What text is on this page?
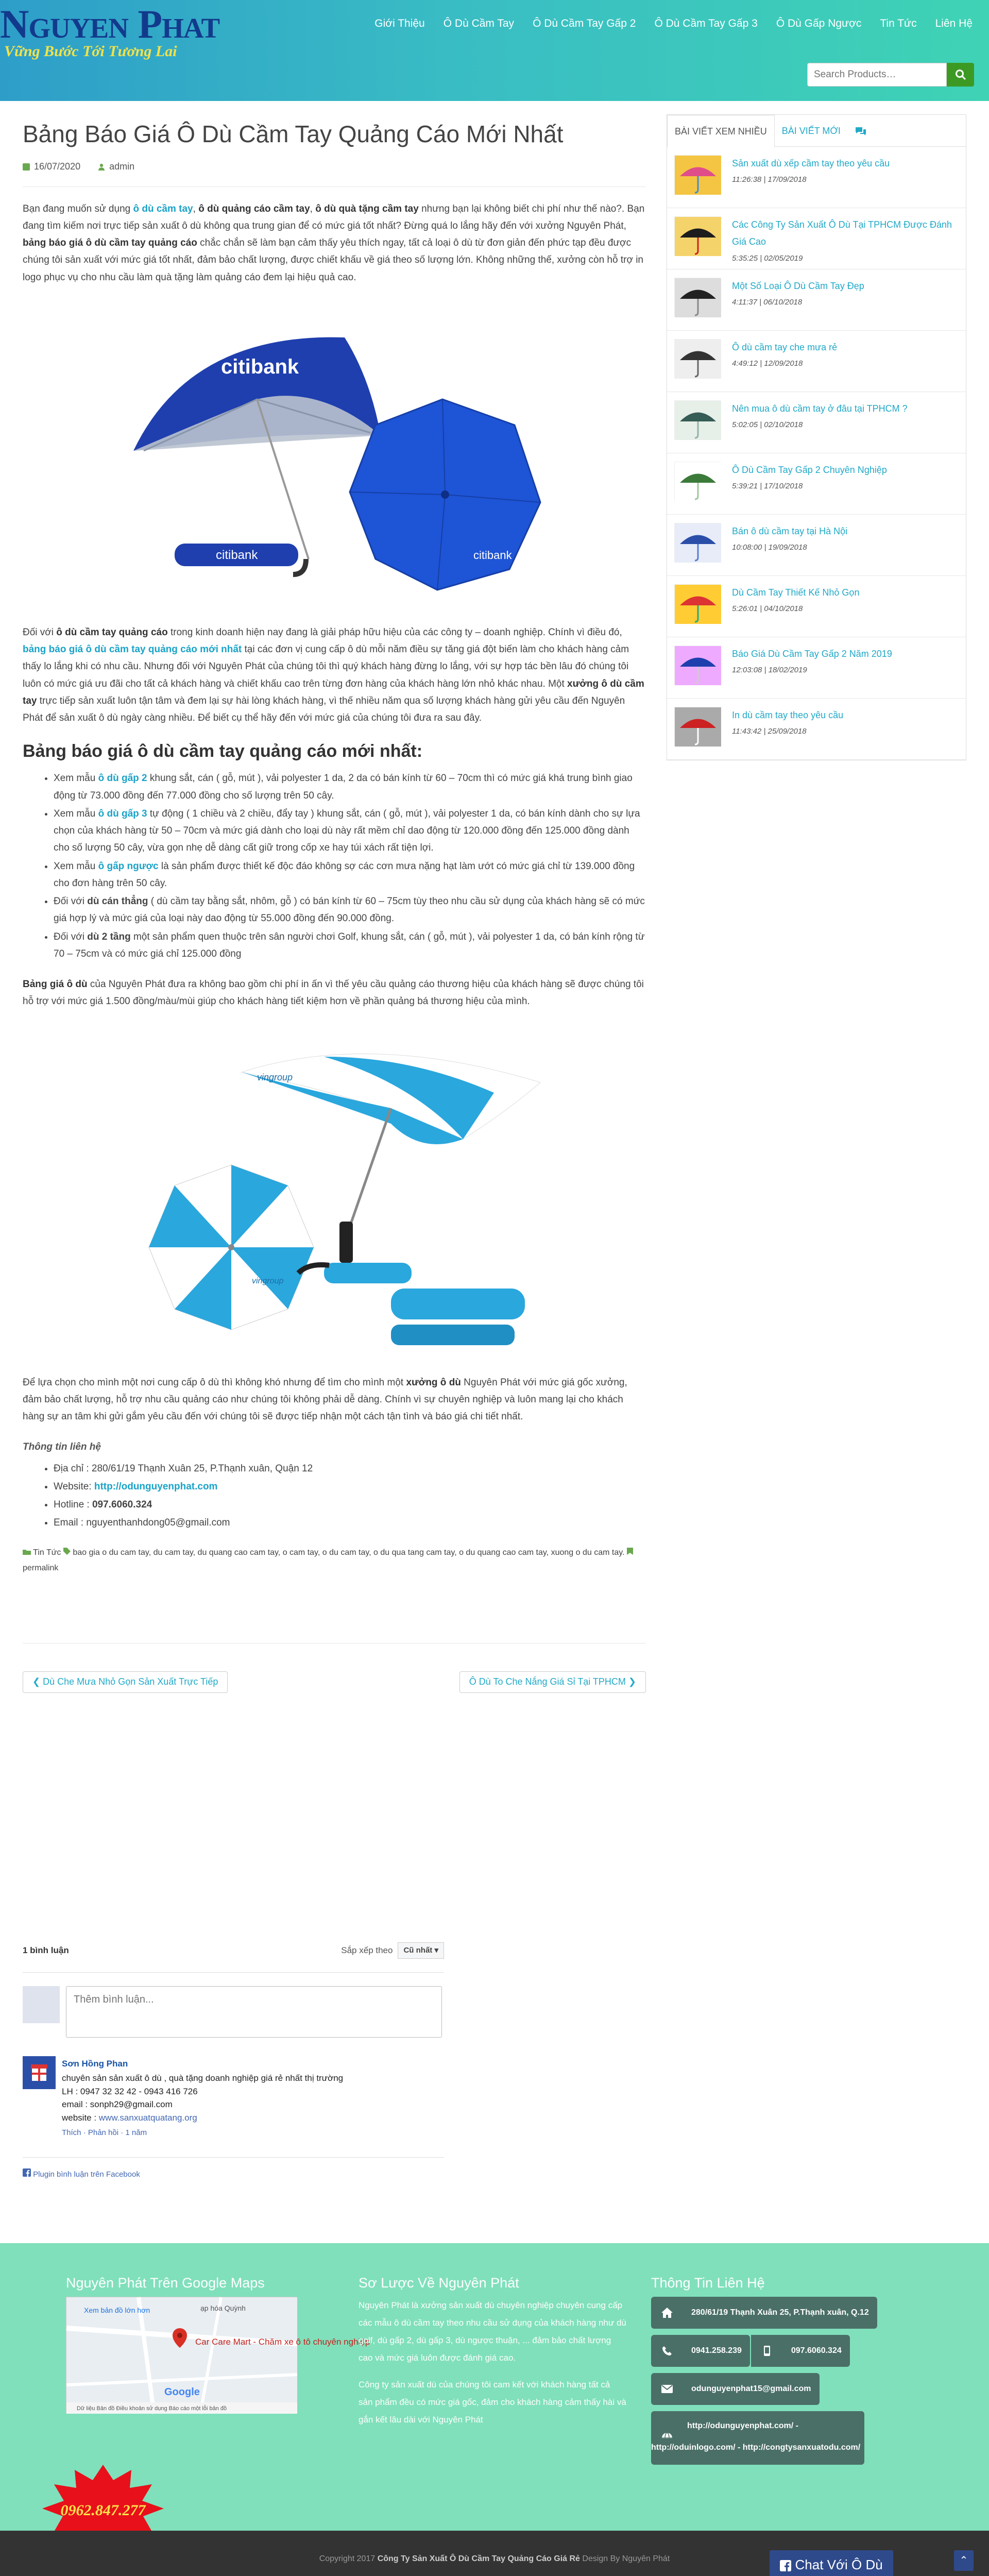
Nguyen Phat
Vững Bước Tới Tương Lai
Giới Thiệu	Ô Dù Cầm Tay	Ô Dù Cầm Tay Gấp 2	Ô Dù Cầm Tay Gấp 3	Ô Dù Gấp Ngược	Tin Tức	Liên Hệ
Search Products…
Bảng Báo Giá Ô Dù Cầm Tay Quảng Cáo Mới Nhất
16/07/2020	admin

Bạn đang muốn sử dụng ô dù cầm tay, ô dù quảng cáo cầm tay, ô dù quà tặng cầm tay nhưng bạn lại không biết chi phí như thế nào?. Bạn đang tìm kiếm nơi trực tiếp sản xuất ô dù không qua trung gian để có mức giá tốt nhất? Đừng quá lo lắng hãy đến với xưởng Nguyên Phát, bảng báo giá ô dù cầm tay quảng cáo chắc chắn sẽ làm bạn cảm thấy yêu thích ngay, tất cả loại ô dù từ đơn giản đến phức tạp đều được chúng tôi sản xuất với mức giá tốt nhất, đảm bảo chất lượng, được chiết khấu về giá theo số lượng lớn. Không những thế, xưởng còn hỗ trợ in logo phục vụ cho nhu cầu làm quà tặng làm quảng cáo đem lại hiệu quả cao.

citibank
citibank	citibank

Đối với ô dù cầm tay quảng cáo trong kinh doanh hiện nay đang là giải pháp hữu hiệu của các công ty – doanh nghiệp. Chính vì điều đó, bảng báo giá ô dù cầm tay quảng cáo mới nhất tại các đơn vị cung cấp ô dù mỗi năm điều sự tăng giá đột biến làm cho khách hàng cảm thấy lo lắng khi có nhu cầu. Nhưng đối với Nguyên Phát của chúng tôi thì quý khách hàng đừng lo lắng, với sự hợp tác bền lâu đó chúng tôi luôn có mức giá ưu đãi cho tất cả khách hàng và chiết khấu cao trên từng đơn hàng của khách hàng lớn nhỏ khác nhau. Một xưởng ô dù cầm tay trực tiếp sản xuất luôn tận tâm và đem lại sự hài lòng khách hàng, vì thế nhiều năm qua số lượng khách hàng gửi yêu cầu đến Nguyên Phát để sản xuất ô dù ngày càng nhiều. Để biết cụ thể hãy đến với mức giá của chúng tôi đưa ra sau đây.

Bảng báo giá ô dù cầm tay quảng cáo mới nhất:
• Xem mẫu ô dù gấp 2 khung sắt, cán ( gỗ, mút ), vải polyester 1 da, 2 da có bán kính từ 60 – 70cm thì có mức giá khá trung bình giao động từ 73.000 đồng đến 77.000 đồng cho số lượng trên 50 cây.
• Xem mẫu ô dù gấp 3 tự động ( 1 chiều và 2 chiều, đẩy tay ) khung sắt, cán ( gỗ, mút ), vải polyester 1 da, có bán kính dành cho sự lựa chọn của khách hàng từ 50 – 70cm và mức giá dành cho loại dù này rất mềm chỉ dao động từ 120.000 đồng đến 125.000 đồng dành cho số lượng 50 cây, vừa gọn nhẹ dễ dàng cất giữ trong cốp xe hay túi xách rất tiện lợi.
• Xem mẫu ô gấp ngược là sản phẩm được thiết kế độc đáo không sợ các cơn mưa nặng hạt làm ướt có mức giá chỉ từ 139.000 đồng cho đơn hàng trên 50 cây.
• Đối với dù cán thẳng ( dù cầm tay bằng sắt, nhôm, gỗ ) có bán kính từ 60 – 75cm tùy theo nhu cầu sử dụng của khách hàng sẽ có mức giá hợp lý và mức giá của loại này dao động từ 55.000 đồng đến 90.000 đồng.
• Đối với dù 2 tầng một sản phẩm quen thuộc trên sân người chơi Golf, khung sắt, cán ( gỗ, mút ), vải polyester 1 da, có bán kính rộng từ 70 – 75cm và có mức giá chỉ 125.000 đồng

Bảng giá ô dù của Nguyên Phát đưa ra không bao gồm chi phí in ấn vì thế yêu cầu quảng cáo thương hiệu của khách hàng sẽ được chúng tôi hỗ trợ với mức giá 1.500 đồng/màu/mùi giúp cho khách hàng tiết kiệm hơn về phần quảng bá thương hiệu của mình.

vingroup
vingroup

Để lựa chọn cho mình một nơi cung cấp ô dù thì không khó nhưng để tìm cho mình một xưởng ô dù Nguyên Phát với mức giá gốc xưởng, đảm bảo chất lượng, hỗ trợ nhu cầu quảng cáo như chúng tôi không phải dễ dàng. Chính vì sự chuyên nghiệp và luôn mang lại cho khách hàng sự an tâm khi gửi gắm yêu cầu đến với chúng tôi sẽ được tiếp nhận một cách tận tình và báo giá chi tiết nhất.

Thông tin liên hệ
• Địa chỉ : 280/61/19 Thạnh Xuân 25, P.Thạnh xuân, Quận 12
• Website: http://odunguyenphat.com
• Hotline : 097.6060.324
• Email : nguyenthanhdong05@gmail.com
Tin Tức bao gia o du cam tay, du cam tay, du quang cao cam tay, o cam tay, o du cam tay, o du qua tang cam tay, o du quang cao cam tay, xuong o du cam tay.  permalink
❮ Dù Che Mưa Nhỏ Gọn Sản Xuất Trực Tiếp	Ô Dù To Che Nắng Giá Sỉ Tại TPHCM ❯
1 bình luận	Sắp xếp theo	Cũ nhất ▾
Thêm bình luận...
Sơn Hồng Phan
chuyên sản sản xuất ô dù , quà tặng doanh nghiệp giá rẻ nhất thị trường
LH : 0947 32 32 42 - 0943 416 726
email : sonph29@gmail.com
website : www.sanxuatquatang.org
Thích · Phản hồi · 1 năm
Plugin bình luận trên Facebook
BÀI VIẾT XEM NHIỀU	BÀI VIẾT MỚI
Sản xuất dù xếp cầm tay theo yêu cầu
11:26:38 | 17/09/2018
Các Công Ty Sản Xuất Ô Dù Tại TPHCM Được Đánh Giá Cao
5:35:25 | 02/05/2019
Một Số Loại Ô Dù Cầm Tay Đẹp
4:11:37 | 06/10/2018
Ô dù cầm tay che mưa rẻ
4:49:12 | 12/09/2018
Nên mua ô dù cầm tay ở đâu tại TPHCM ?
5:02:05 | 02/10/2018
Ô Dù Cầm Tay Gấp 2 Chuyên Nghiệp
5:39:21 | 17/10/2018
Bán ô dù cầm tay tại Hà Nội
10:08:00 | 19/09/2018
Dù Cầm Tay Thiết Kế Nhỏ Gọn
5:26:01 | 04/10/2018
Báo Giá Dù Cầm Tay Gấp 2 Năm 2019
12:03:08 | 18/02/2019
In dù cầm tay theo yêu cầu
11:43:42 | 25/09/2018
Nguyên Phát Trên Google Maps	Sơ Lược Về Nguyên Phát	Thông Tin Liên Hệ
Car Care Mart - Chăm xe ô tô chuyên nghiệp
Xem bản đồ lớn hơn	ạp hóa Quỳnh
Google
Dữ liệu Bản đồ Điều khoản sử dụng Báo cáo một lỗi bản đồ

Nguyên Phát là xưởng sản xuất dù chuyên nghiệp chuyên cung cấp các mẫu ô dù cầm tay theo nhu cầu sử dụng của khách hàng như dù golf, dù gấp 2, dù gấp 3, dù ngược thuận, ... đảm bảo chất lượng cao và mức giá luôn được đánh giá cao.

Công ty sản xuất dù của chúng tôi cam kết với khách hàng tất cả sản phẩm đều có mức giá gốc, đảm cho khách hàng cảm thấy hài và gắn kết lâu dài với Nguyên Phát

280/61/19 Thạnh Xuân 25, P.Thạnh xuân, Q.12
0941.258.239	097.6060.324
odunguyenphat15@gmail.com
http://odunguyenphat.com/ -
http://oduinlogo.com/ - http://congtysanxuatodu.com/
0962.847.277
Copyright 2017 Công Ty Sản Xuất Ô Dù Cầm Tay Quảng Cáo Giá Rẻ Design By Nguyên Phát	Chat Với Ô Dù	⌃
